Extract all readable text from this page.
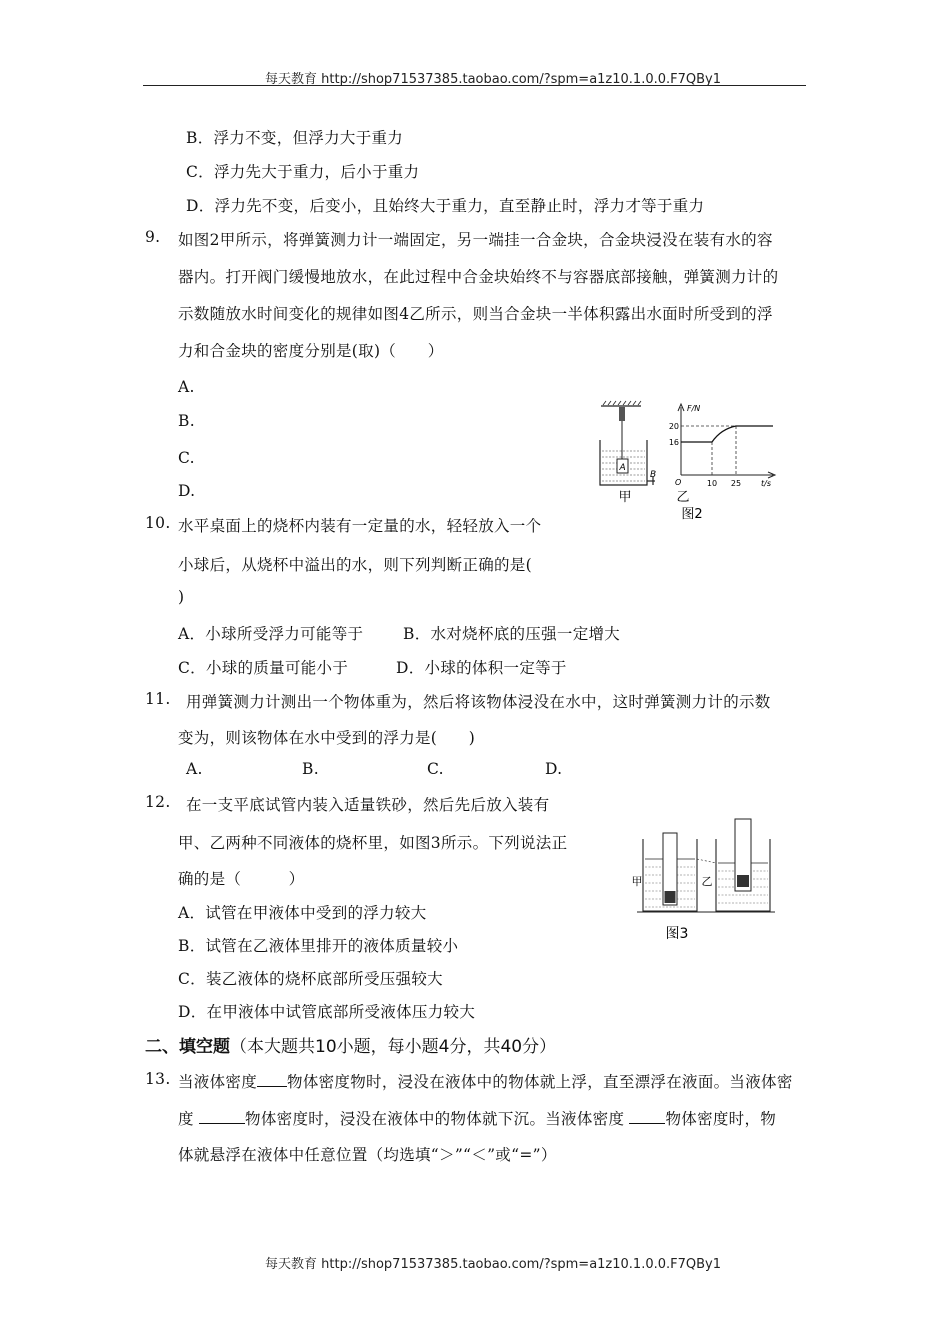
每天教育 http://shop71537385.taobao.com/?spm=a1z10.1.0.0.F7QBy1
B．浮力不变，但浮力大于重力
C．浮力先大于重力，后小于重力
D．浮力先不变，后变小，且始终大于重力，直至静止时，浮力才等于重力
9. 如图2甲所示，将弹簧测力计一端固定，另一端挂一合金块，合金块浸没在装有水的容
器内。打开阀门缓慢地放水，在此过程中合金块始终不与容器底部接触，弹簧测力计的
示数随放水时间变化的规律如图4乙所示，则当合金块一半体积露出水面时所受到的浮
力和合金块的密度分别是(取)（　　）
A.
B.
C.
D.
A
B
甲
F/N
t/s
O
20
16
10 25
乙
图2
10. 水平桌面上的烧杯内装有一定量的水，轻轻放入一个
小球后，从烧杯中溢出的水，则下列判断正确的是(
)
A．小球所受浮力可能等于	B．水对烧杯底的压强一定增大
C．小球的质量可能小于	D．小球的体积一定等于
11. 用弹簧测力计测出一个物体重为，然后将该物体浸没在水中，这时弹簧测力计的示数
变为，则该物体在水中受到的浮力是(　　)
A.	B.	C.	D.
12. 在一支平底试管内装入适量铁砂，然后先后放入装有
甲、乙两种不同液体的烧杯里，如图3所示。下列说法正
确的是（　　　）
A．试管在甲液体中受到的浮力较大
B．试管在乙液体里排开的液体质量较小
C．装乙液体的烧杯底部所受压强较大
D．在甲液体中试管底部所受液体压力较大
甲	乙
图3
二、填空题（本大题共10小题，每小题4分，共40分）
13. 当液体密度 物体密度物时，浸没在液体中的物体就上浮，直至漂浮在液面。当液体密
度	物体密度时，浸没在液体中的物体就下沉。当液体密度	物体密度时，物
体就悬浮在液体中任意位置（均选填“＞”“＜”或“=”）
每天教育 http://shop71537385.taobao.com/?spm=a1z10.1.0.0.F7QBy1
